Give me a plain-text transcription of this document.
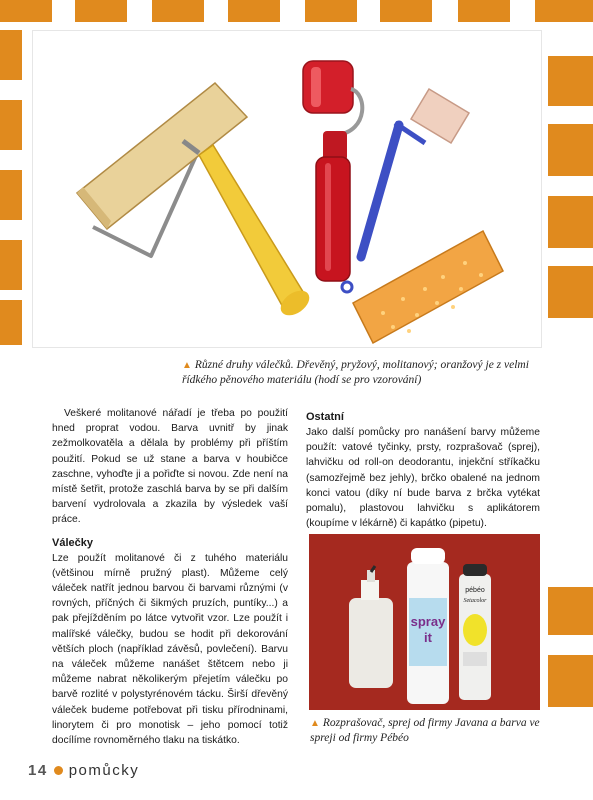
▲ Různé druhy válečků. Dřevěný, pryžový, molitanový; oranžový je z velmi řídkého pěnového materiálu (hodí se pro vzorování)

Veškeré molitanové nářadí je třeba po použití hned proprat vodou. Barva uvnitř by jinak zežmolkovatěla a dělala by problémy při příštím použití. Pokud se už stane a barva v houbičce zaschne, vyhoďte ji a pořiďte si novou. Zde není na místě šetřit, protože zaschlá barva by se při dalším barvení vydrolovala a zkazila by výsledek vaší práce.

Válečky

Lze použít molitanové či z tuhého materiálu (většinou mírně pružný plast). Můžeme celý váleček natřít jednou barvou či barvami různými (v rovných, příčných či šikmých pruzích, puntíky...) a pak přejížděním po látce vytvořit vzor. Lze použít i malířské válečky, budou se hodit při dekorování větších ploch (například závěsů, povlečení). Barvu na váleček můžeme nanášet štětcem nebo ji můžeme nabrat několikerým přejetím válečku po barvě rozlité v polystyrénovém tácku. Širší dřevěný váleček budeme potřebovat při tisku přírodninami, linorytem či pro monotisk – jeho pomocí totiž docílíme rovnoměrného tlaku na tiskátko.

Ostatní

Jako další pomůcky pro nanášení barvy můžeme použít: vatové tyčinky, prsty, rozprašovač (sprej), lahvičku od roll-on deodorantu, injekční stříkačku (samozřejmě bez jehly), brčko obalené na jednom konci vatou (díky ní bude barva z brčka vytékat pomalu), plastovou lahvičku s aplikátorem (koupíme v lékárně) či kapátko (pipetu).

spray
it
pébéo
Setacolor
▲ Rozprašovač, sprej od firmy Javana a barva ve spreji od firmy Pébéo
14 pomůcky
